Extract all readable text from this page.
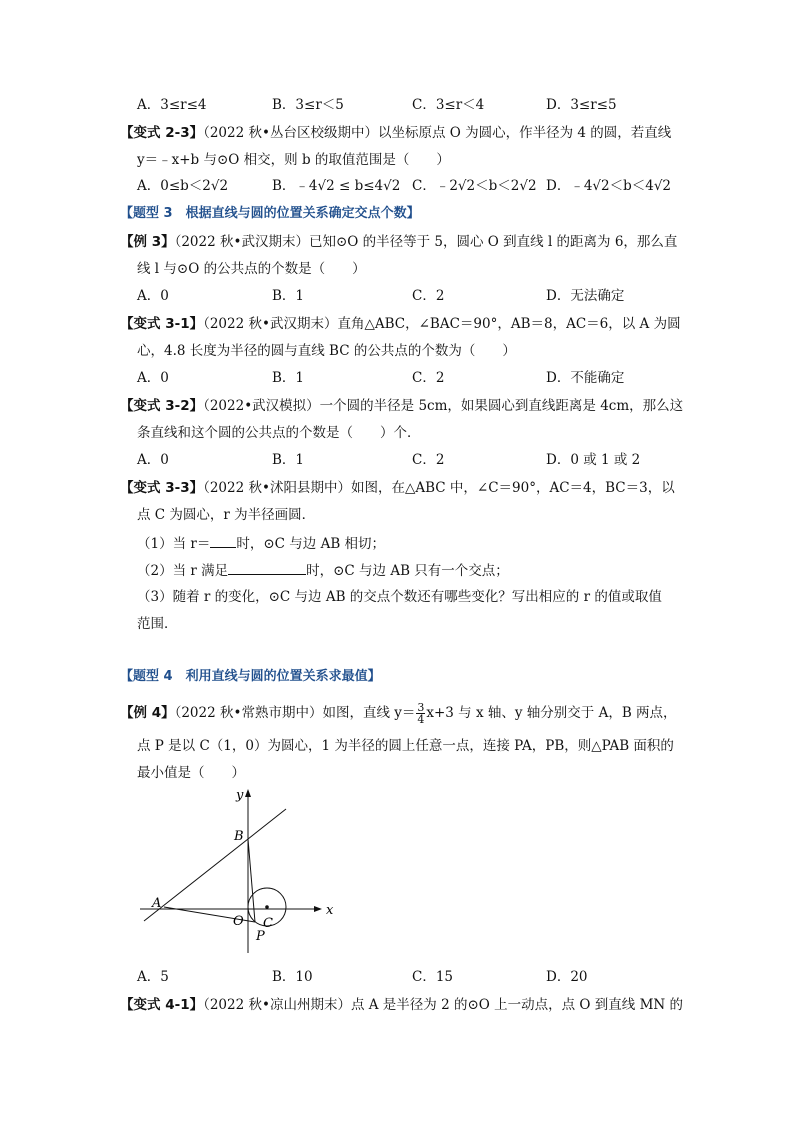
A．3≤r≤4	B．3≤r＜5	C．3≤r＜4	D．3≤r≤5
【变式 2-3】（2022 秋•丛台区校级期中）以坐标原点 O 为圆心，作半径为 4 的圆，若直线
y＝﹣x+b 与⊙O 相交，则 b 的取值范围是（　　）
A．0≤b＜2√2	B．﹣4√2 ≤ b≤4√2 C．﹣2√2＜b＜2√2 D．﹣4√2＜b＜4√2
【题型 3　根据直线与圆的位置关系确定交点个数】
【例 3】（2022 秋•武汉期末）已知⊙O 的半径等于 5，圆心 O 到直线 l 的距离为 6，那么直
线 l 与⊙O 的公共点的个数是（　　）
A．0	B．1	C．2	D．无法确定
【变式 3-1】（2022 秋•武汉期末）直角△ABC，∠BAC＝90°，AB＝8，AC＝6，以 A 为圆
心，4.8 长度为半径的圆与直线 BC 的公共点的个数为（　　）
A．0	B．1	C．2	D．不能确定
【变式 3-2】（2022•武汉模拟）一个圆的半径是 5cm，如果圆心到直线距离是 4cm，那么这
条直线和这个圆的公共点的个数是（　　）个．
A．0	B．1	C．2	D．0 或 1 或 2
【变式 3-3】（2022 秋•沭阳县期中）如图，在△ABC 中，∠C＝90°，AC＝4，BC＝3，以
点 C 为圆心，r 为半径画圆．
（1）当 r＝ 时，⊙C 与边 AB 相切；
（2）当 r 满足	时，⊙C 与边 AB 只有一个交点；
（3）随着 r 的变化，⊙C 与边 AB 的交点个数还有哪些变化？写出相应的 r 的值或取值
范围．
【题型 4　利用直线与圆的位置关系求最值】
【例 4】（2022 秋•常熟市期中）如图，直线 $y= \frac{3}{4} x+3$ 与 x 轴、y 轴分别交于 A，B 两点，
点 P 是以 C（1，0）为圆心，1 为半径的圆上任意一点，连接 PA，PB，则△PAB 面积的
最小值是（　　）
y
x
B
A
O C
P
A．5	B．10	C．15	D．20
【变式 4-1】（2022 秋•凉山州期末）点 A 是半径为 2 的⊙O 上一动点，点 O 到直线 MN 的
